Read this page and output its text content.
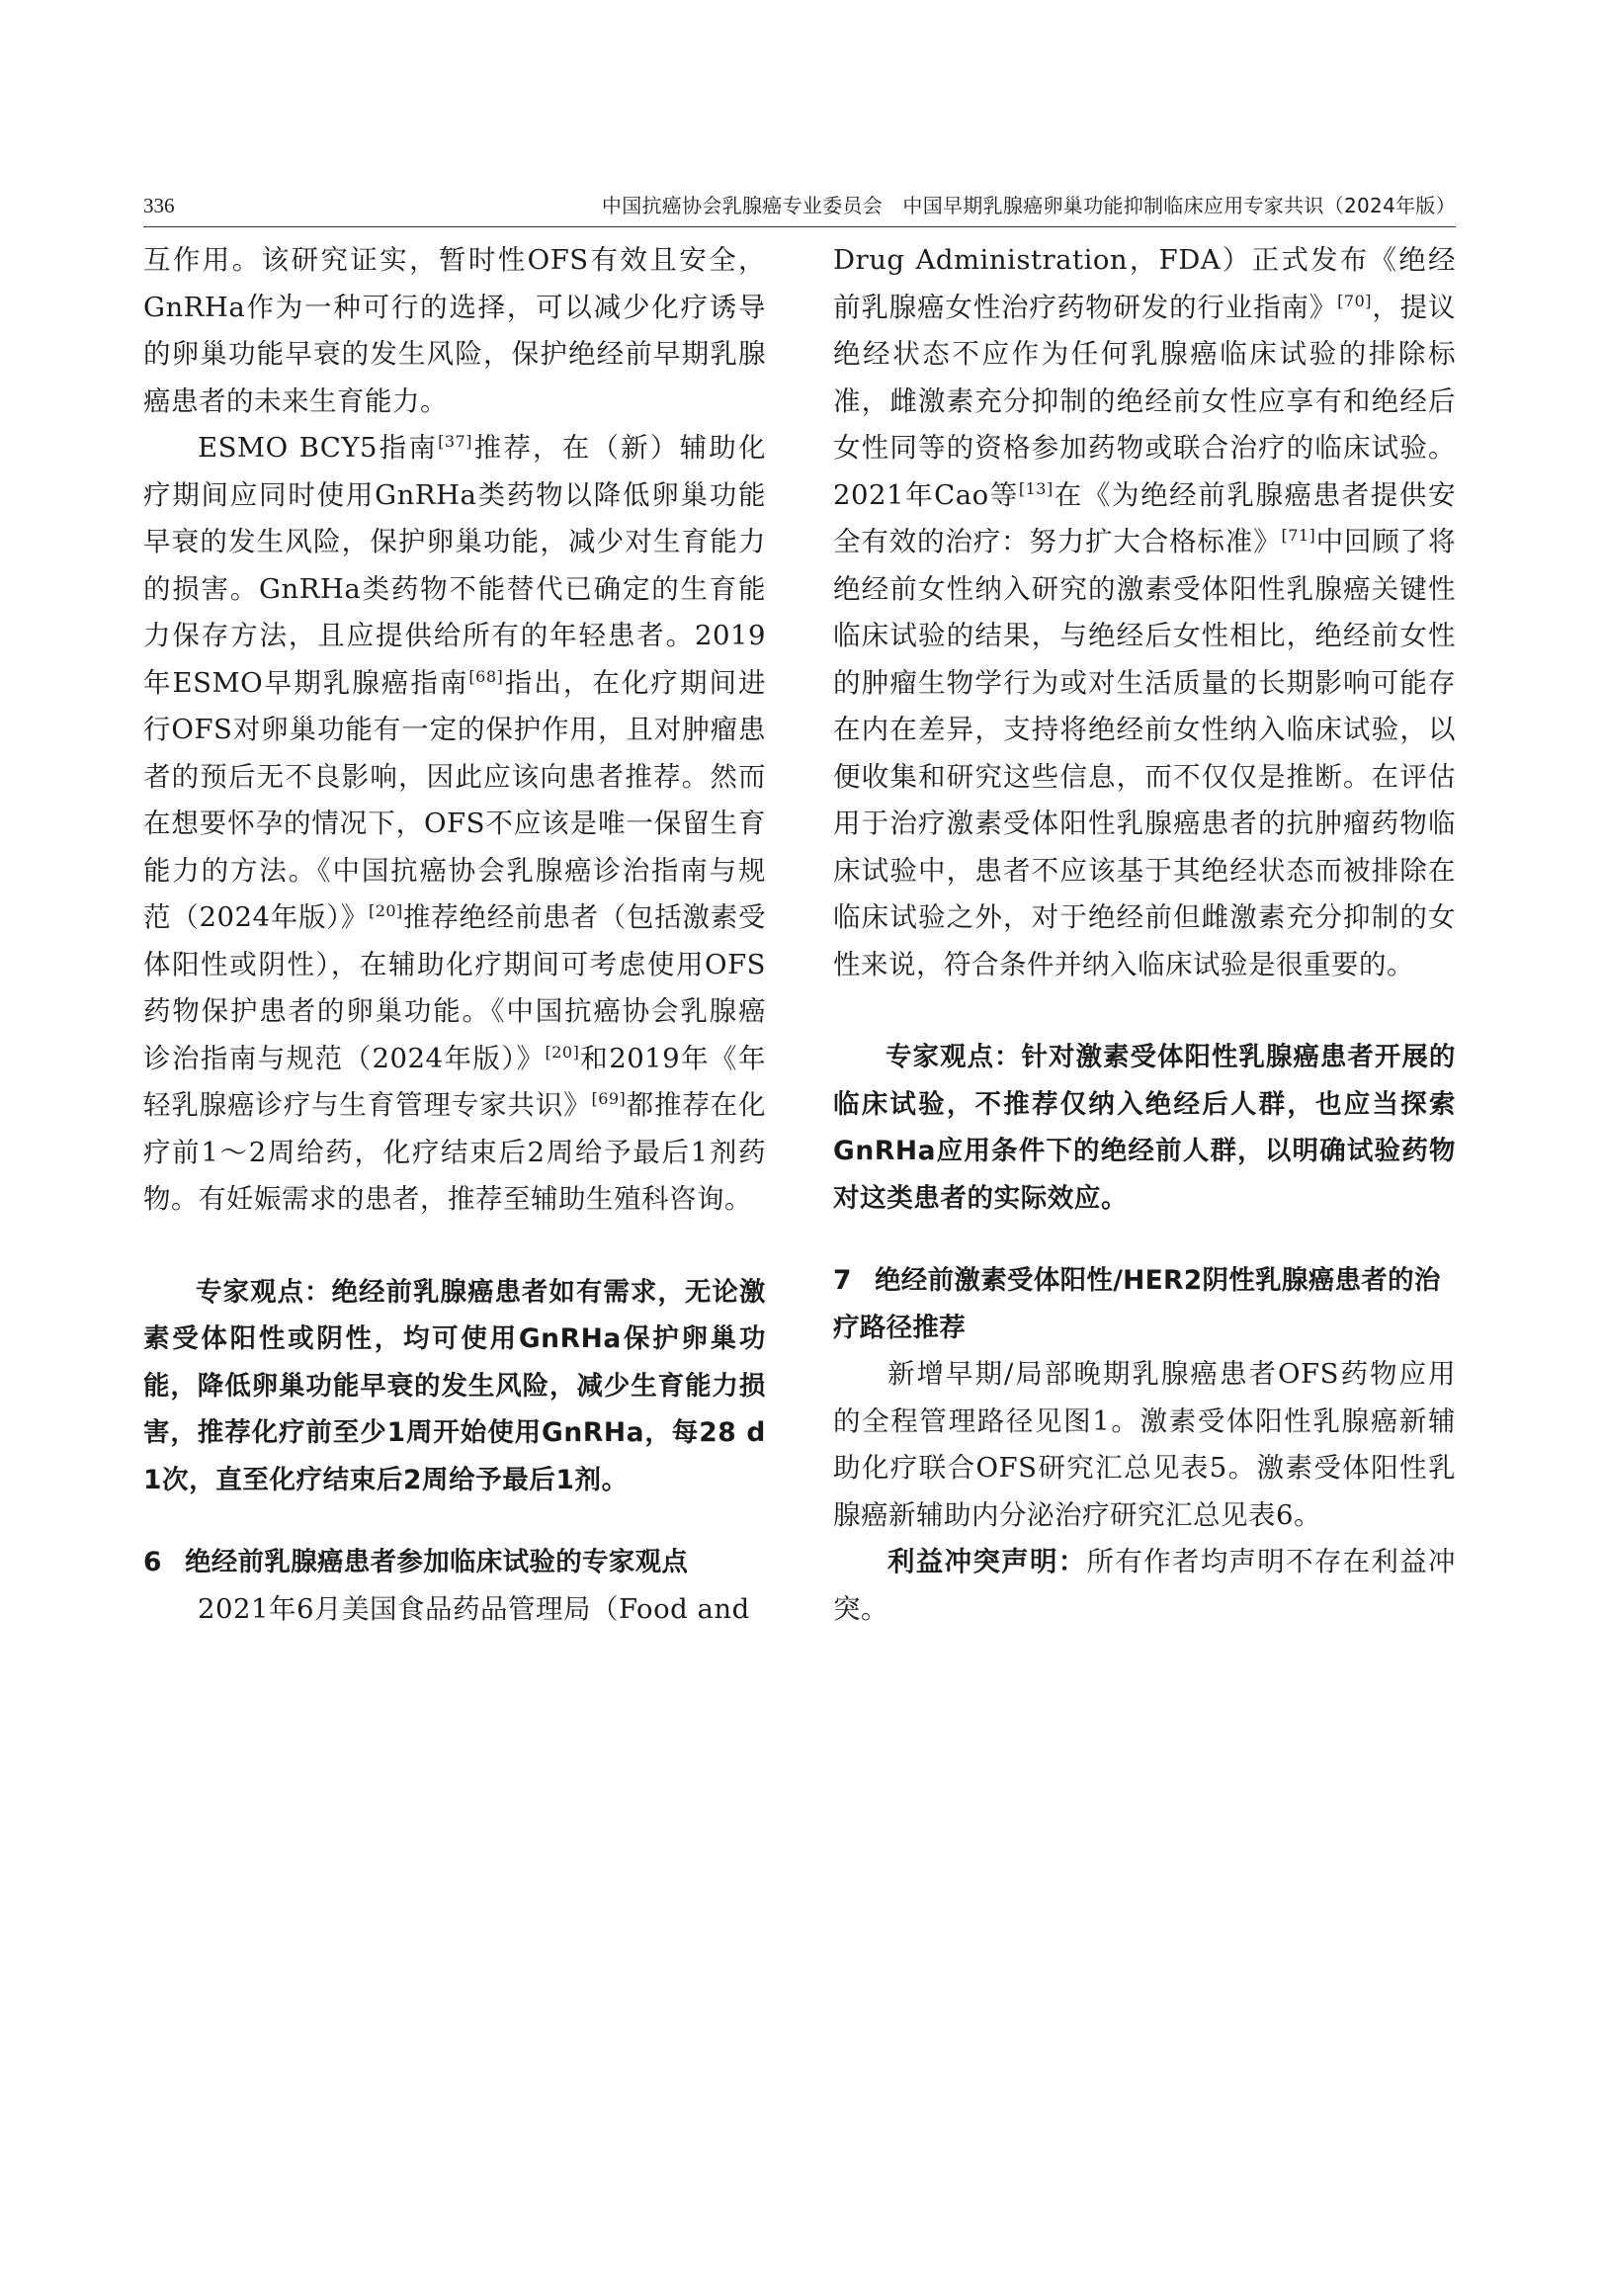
336	中国抗癌协会乳腺癌专业委员会　中国早期乳腺癌卵巢功能抑制临床应用专家共识（2024年版）

互作用。该研究证实，暂时性OFS有效且安全，GnRHa作为一种可行的选择，可以减少化疗诱导的卵巢功能早衰的发生风险，保护绝经前早期乳腺癌患者的未来生育能力。

ESMO BCY5指南[37]推荐，在（新）辅助化疗期间应同时使用GnRHa类药物以降低卵巢功能早衰的发生风险，保护卵巢功能，减少对生育能力的损害。GnRHa类药物不能替代已确定的生育能力保存方法，且应提供给所有的年轻患者。2019年ESMO早期乳腺癌指南[68]指出，在化疗期间进行OFS对卵巢功能有一定的保护作用，且对肿瘤患者的预后无不良影响，因此应该向患者推荐。然而在想要怀孕的情况下，OFS不应该是唯一保留生育能力的方法。《中国抗癌协会乳腺癌诊治指南与规范（2024年版）》[20]推荐绝经前患者（包括激素受体阳性或阴性），在辅助化疗期间可考虑使用OFS药物保护患者的卵巢功能。《中国抗癌协会乳腺癌诊治指南与规范（2024年版）》[20]和2019年《年轻乳腺癌诊疗与生育管理专家共识》[69]都推荐在化疗前1～2周给药，化疗结束后2周给予最后1剂药物。有妊娠需求的患者，推荐至辅助生殖科咨询。

专家观点：绝经前乳腺癌患者如有需求，无论激素受体阳性或阴性，均可使用GnRHa保护卵巢功能，降低卵巢功能早衰的发生风险，减少生育能力损害，推荐化疗前至少1周开始使用GnRHa，每28 d 1次，直至化疗结束后2周给予最后1剂。

6 绝经前乳腺癌患者参加临床试验的专家观点

2021年6月美国食品药品管理局（Food and

Drug Administration，FDA）正式发布《绝经前乳腺癌女性治疗药物研发的行业指南》[70]，提议绝经状态不应作为任何乳腺癌临床试验的排除标准，雌激素充分抑制的绝经前女性应享有和绝经后女性同等的资格参加药物或联合治疗的临床试验。2021年Cao等[13]在《为绝经前乳腺癌患者提供安全有效的治疗：努力扩大合格标准》[71]中回顾了将绝经前女性纳入研究的激素受体阳性乳腺癌关键性临床试验的结果，与绝经后女性相比，绝经前女性的肿瘤生物学行为或对生活质量的长期影响可能存在内在差异，支持将绝经前女性纳入临床试验，以便收集和研究这些信息，而不仅仅是推断。在评估用于治疗激素受体阳性乳腺癌患者的抗肿瘤药物临床试验中，患者不应该基于其绝经状态而被排除在临床试验之外，对于绝经前但雌激素充分抑制的女性来说，符合条件并纳入临床试验是很重要的。

专家观点：针对激素受体阳性乳腺癌患者开展的临床试验，不推荐仅纳入绝经后人群，也应当探索GnRHa应用条件下的绝经前人群，以明确试验药物对这类患者的实际效应。

7 绝经前激素受体阳性/HER2阴性乳腺癌患者的治疗路径推荐

新增早期/局部晚期乳腺癌患者OFS药物应用的全程管理路径见图1。激素受体阳性乳腺癌新辅助化疗联合OFS研究汇总见表5。激素受体阳性乳腺癌新辅助内分泌治疗研究汇总见表6。

利益冲突声明：所有作者均声明不存在利益冲突。
